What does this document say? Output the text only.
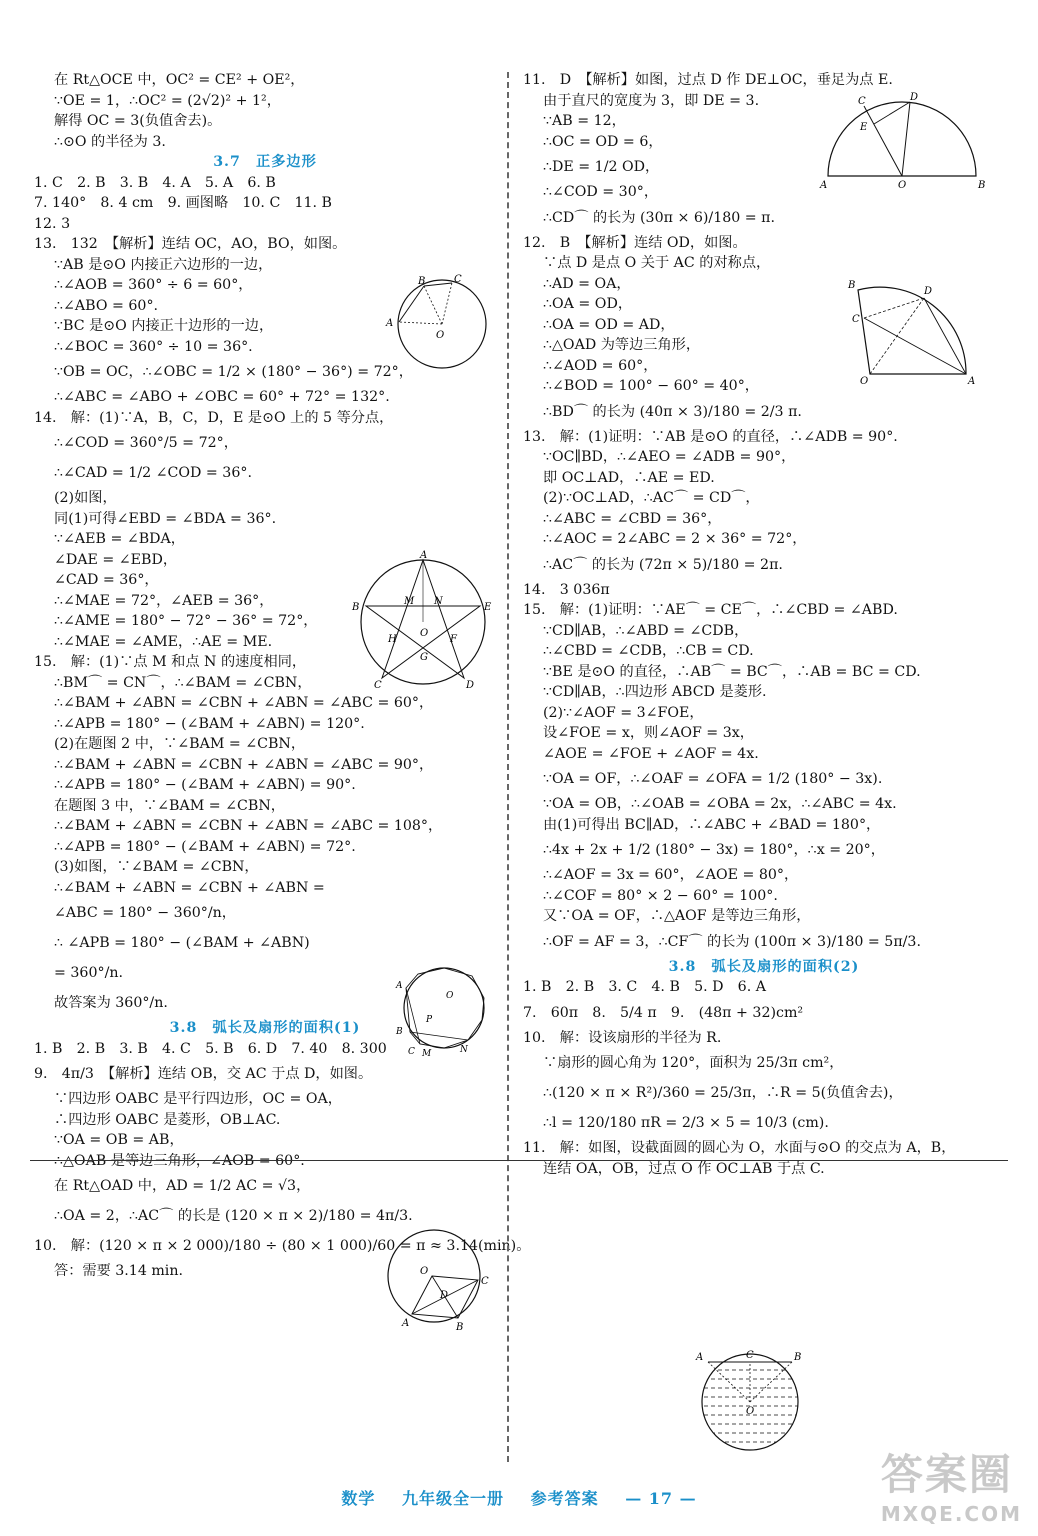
在 Rt△OCE 中，OC² = CE² + OE²，
∵OE = 1，∴OC² = (2√2)² + 1²，
解得 OC = 3(负值舍去)。
∴⊙O 的半径为 3.
3.7　正多边形
1. C　2. B　3. B　4. A　5. A　6. B
7. 140°　8. 4 cm　9. 画图略　10. C　11. B
12. 3
13.　132　【解析】连结 OC，AO，BO，如图。
∵AB 是⊙O 内接正六边形的一边，
∴∠AOB = 360° ÷ 6 = 60°，
∴∠ABO = 60°.
∵BC 是⊙O 内接正十边形的一边，
∴∠BOC = 360° ÷ 10 = 36°.
∵OB = OC，∴∠OBC = 1/2 × (180° − 36°) = 72°，
∴∠ABC = ∠ABO + ∠OBC = 60° + 72° = 132°.
14.　解：(1)∵A，B，C，D，E 是⊙O 上的 5 等分点，
∴∠COD = 360°/5 = 72°，
∴∠CAD = 1/2 ∠COD = 36°.
(2)如图，
同(1)可得∠EBD = ∠BDA = 36°.
∵∠AEB = ∠BDA，
∠DAE = ∠EBD，
∠CAD = 36°，
∴∠MAE = 72°，∠AEB = 36°，
∴∠AME = 180° − 72° − 36° = 72°，
∴∠MAE = ∠AME，∴AE = ME.
15.　解：(1)∵点 M 和点 N 的速度相同，
∴BM⌒ = CN⌒，∴∠BAM = ∠CBN，
∴∠BAM + ∠ABN = ∠CBN + ∠ABN = ∠ABC = 60°，
∴∠APB = 180° − (∠BAM + ∠ABN) = 120°.
(2)在题图 2 中，∵∠BAM = ∠CBN，
∴∠BAM + ∠ABN = ∠CBN + ∠ABN = ∠ABC = 90°，
∴∠APB = 180° − (∠BAM + ∠ABN) = 90°.
在题图 3 中，∵∠BAM = ∠CBN，
∴∠BAM + ∠ABN = ∠CBN + ∠ABN = ∠ABC = 108°，
∴∠APB = 180° − (∠BAM + ∠ABN) = 72°.
(3)如图，∵∠BAM = ∠CBN，
∴∠BAM + ∠ABN = ∠CBN + ∠ABN =
∠ABC = 180° − 360°/n，
∴ ∠APB = 180° − (∠BAM + ∠ABN)
= 360°/n.
故答案为 360°/n.
3.8　弧长及扇形的面积(1)
1. B　2. B　3. B　4. C　5. B　6. D　7. 40　8. 300
9.　4π/3　【解析】连结 OB，交 AC 于点 D，如图。
∵四边形 OABC 是平行四边形，OC = OA，
∴四边形 OABC 是菱形，OB⊥AC.
∵OA = OB = AB，
∴△OAB 是等边三角形，∠AOB = 60°.
在 Rt△OAD 中，AD = 1/2 AC = √3，
∴OA = 2，∴AC⌒ 的长是 (120 × π × 2)/180 = 4π/3.
10.　解：(120 × π × 2 000)/180 ÷ (80 × 1 000)/60 = π ≈ 3.14(min)。
答：需要 3.14 min.
11.　D　【解析】如图，过点 D 作 DE⊥OC，垂足为点 E.
由于直尺的宽度为 3，即 DE = 3.
∵AB = 12，
∴OC = OD = 6，
∴DE = 1/2 OD，
∴∠COD = 30°，
∴CD⌒ 的长为 (30π × 6)/180 = π.
12.　B　【解析】连结 OD，如图。
∵点 D 是点 O 关于 AC 的对称点，
∴AD = OA，
∴OA = OD，
∴OA = OD = AD，
∴△OAD 为等边三角形，
∴∠AOD = 60°，
∴∠BOD = 100° − 60° = 40°，
∴BD⌒ 的长为 (40π × 3)/180 = 2/3 π.
13.　解：(1)证明：∵AB 是⊙O 的直径，∴∠ADB = 90°.
∵OC∥BD，∴∠AEO = ∠ADB = 90°，
即 OC⊥AD，∴AE = ED.
(2)∵OC⊥AD，∴AC⌒ = CD⌒，
∴∠ABC = ∠CBD = 36°，
∴∠AOC = 2∠ABC = 2 × 36° = 72°，
∴AC⌒ 的长为 (72π × 5)/180 = 2π.
14.　3 036π
15.　解：(1)证明：∵AE⌒ = CE⌒，∴∠CBD = ∠ABD.
∵CD∥AB，∴∠ABD = ∠CDB，
∴∠CBD = ∠CDB，∴CB = CD.
∵BE 是⊙O 的直径，∴AB⌒ = BC⌒，∴AB = BC = CD.
∵CD∥AB，∴四边形 ABCD 是菱形.
(2)∵∠AOF = 3∠FOE，
设∠FOE = x，则∠AOF = 3x，
∠AOE = ∠FOE + ∠AOF = 4x.
∵OA = OF，∴∠OAF = ∠OFA = 1/2 (180° − 3x).
∵OA = OB，∴∠OAB = ∠OBA = 2x，∴∠ABC = 4x.
由(1)可得出 BC∥AD，∴∠ABC + ∠BAD = 180°，
∴4x + 2x + 1/2 (180° − 3x) = 180°，∴x = 20°，
∴∠AOF = 3x = 60°，∠AOE = 80°，
∴∠COF = 80° × 2 − 60° = 100°.
又∵OA = OF，∴△AOF 是等边三角形，
∴OF = AF = 3，∴CF⌒ 的长为 (100π × 3)/180 = 5π/3.
3.8　弧长及扇形的面积(2)
1. B　2. B　3. C　4. B　5. D　6. A
7.　60π　8.　5/4 π　9.　(48π + 32)cm²
10.　解：设该扇形的半径为 R.
∵扇形的圆心角为 120°，面积为 25/3π cm²，
∴(120 × π × R²)/360 = 25/3π，∴R = 5(负值舍去)，
∴l = 120/180 πR = 2/3 × 5 = 10/3 (cm).
11.　解：如图，设截面圆的圆心为 O，水面与⊙O 的交点为 A，B，
连结 OA，OB，过点 O 作 OC⊥AB 于点 C.
B	C
A
O
A
B	E
C	D
M N
H	F
O
G
A
O
P
B
C M	N
O
C
D
A	B
C	D
E
A	O	B
B
D
C
O	A
A	C	B
O
数学 九年级全一册 参考答案 — 17 —	答案圈
MXQE.COM
